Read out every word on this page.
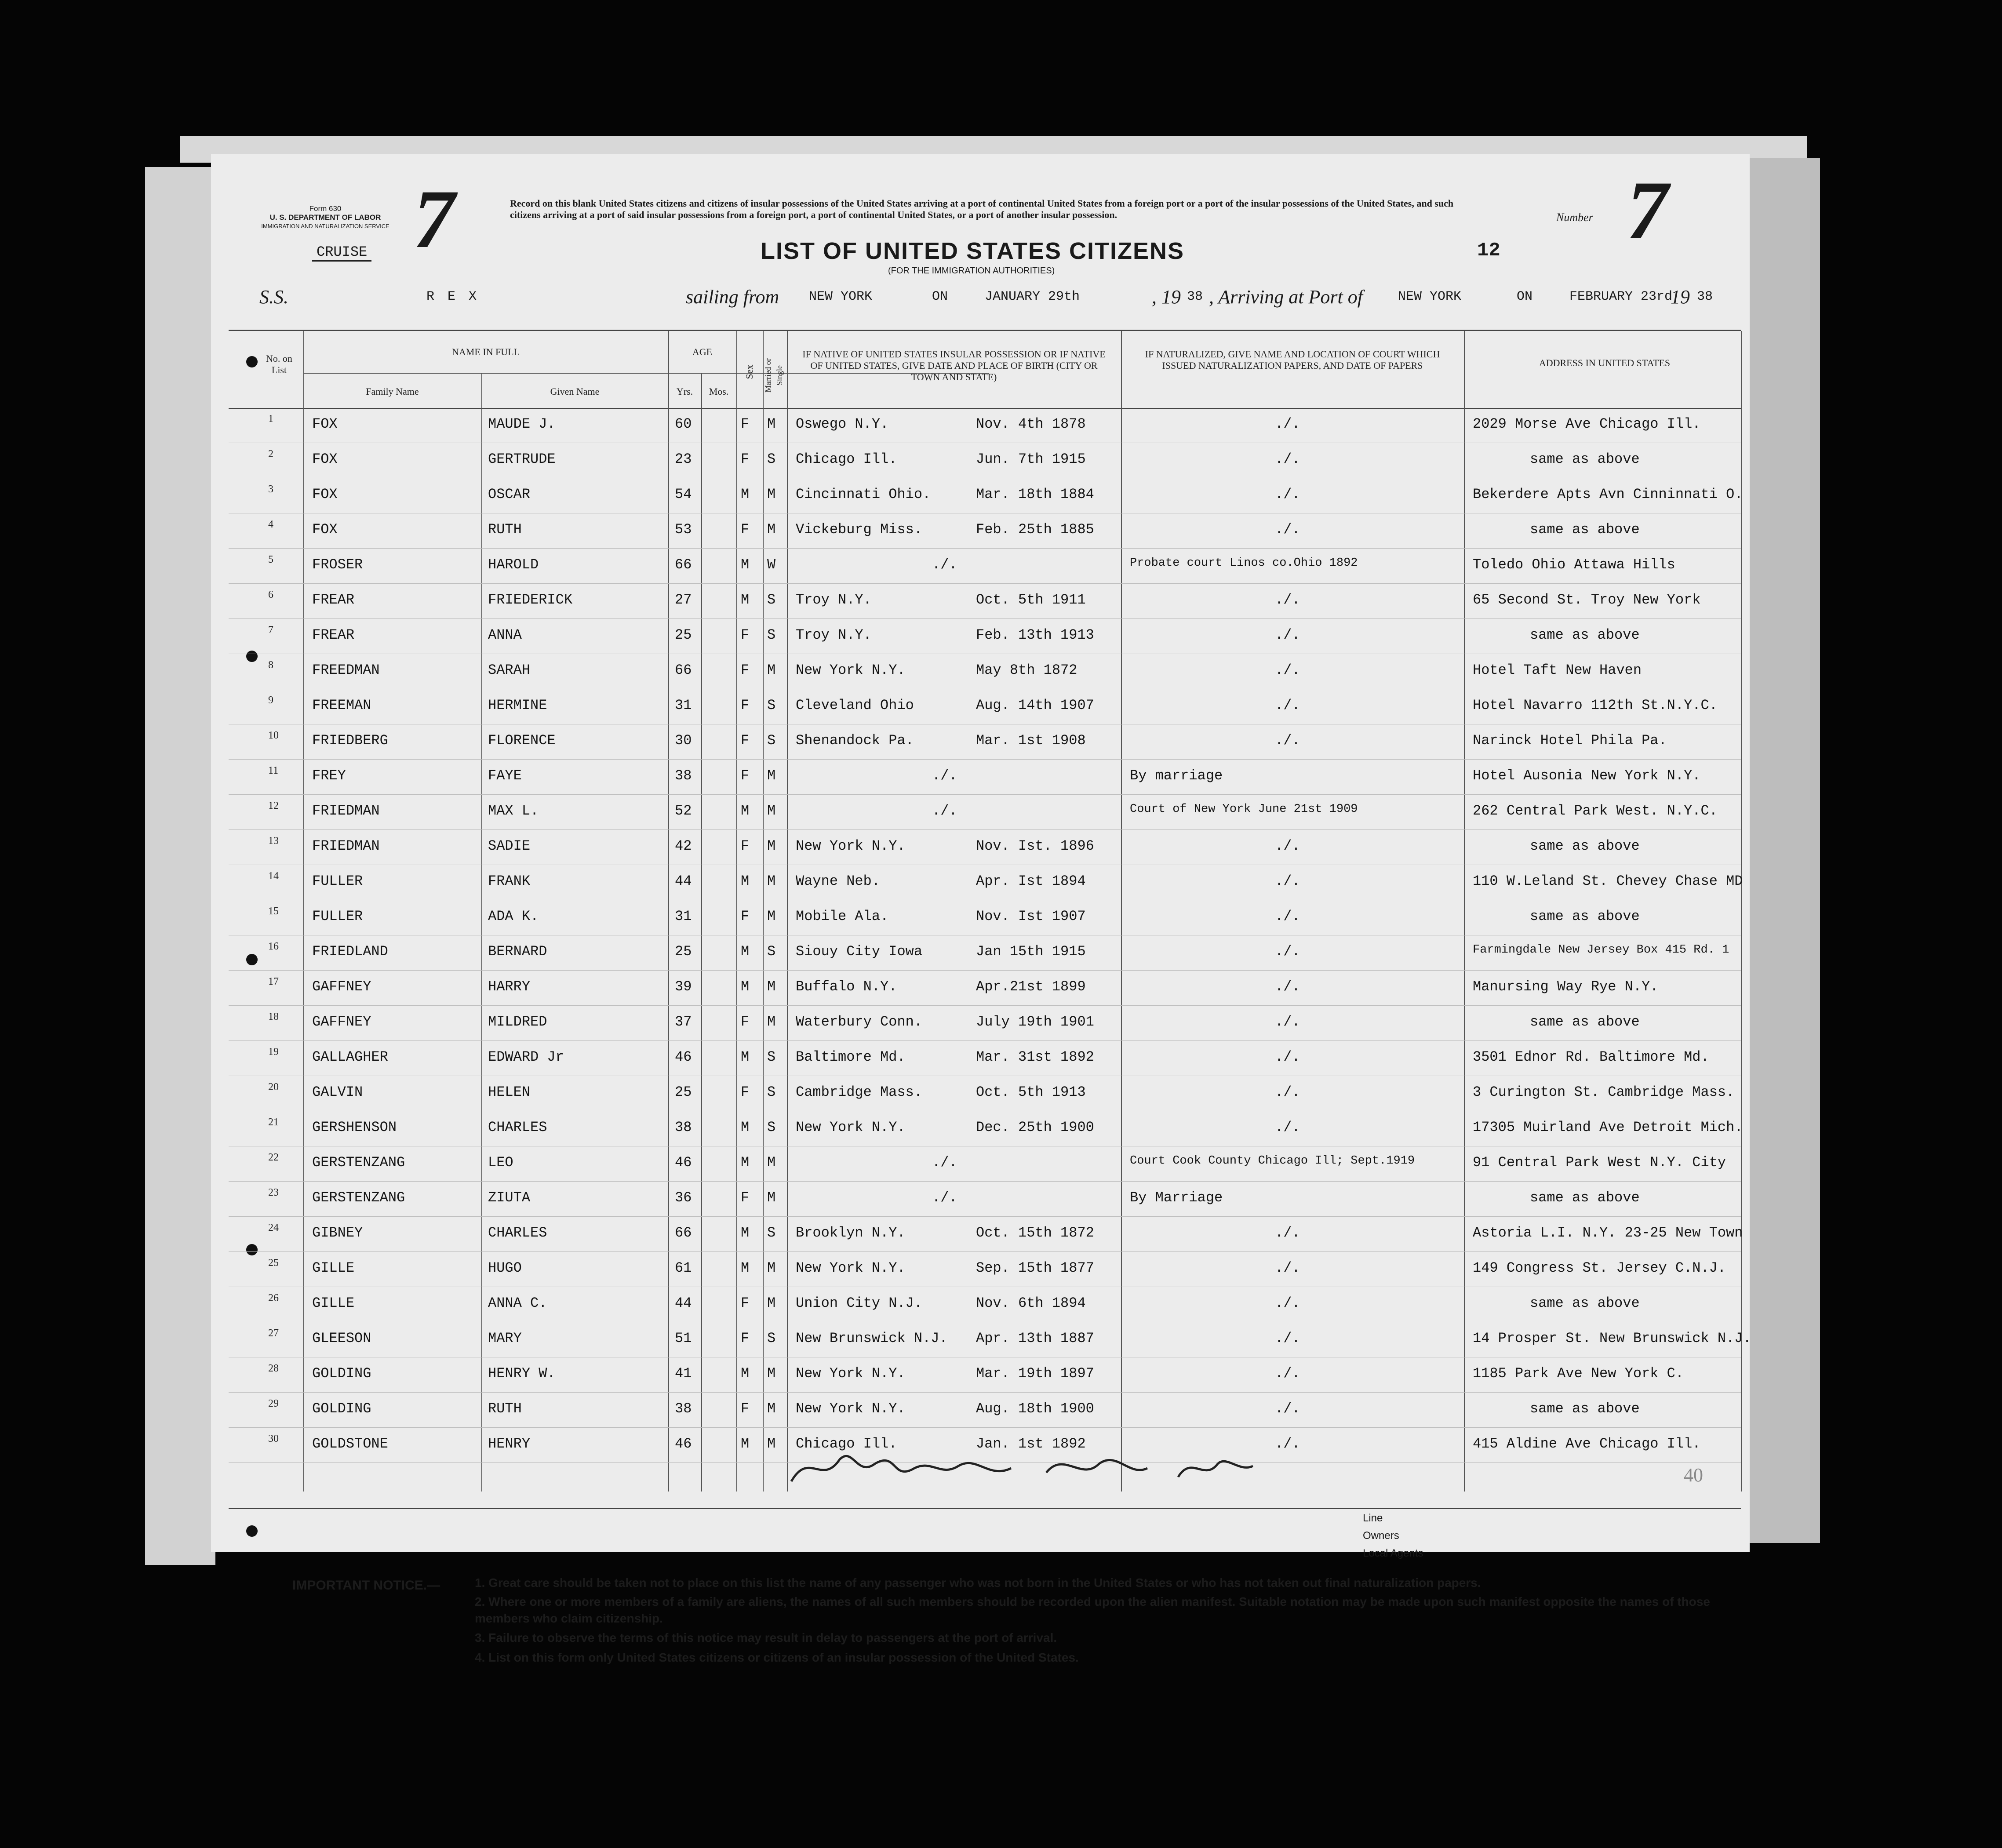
Form 630
U. S. DEPARTMENT OF LABOR
IMMIGRATION AND NATURALIZATION SERVICE 7	Record on this blank United States citizens and citizens of insular possessions of the United States arriving at a port of continental United States from a foreign port or a port of the insular possessions of the United States, and such citizens arriving at a port of said insular possessions from a foreign port, a port of continental United States, or a port of another insular possession.	Number 7
CRUISE	LIST OF UNITED STATES CITIZENS
(FOR THE IMMIGRATION AUTHORITIES)
12
S.S.	R E X	sailing from NEW YORK	ON	JANUARY 29th	, 19 38 , Arriving at Port of	NEW YORK	ON	FEBRUARY 23rd
19 38
No. on List
NAME IN FULL
Family Name	Given Name
AGE
Yrs.	Mos.
Sex Married or Single
IF NATIVE OF UNITED STATES INSULAR POSSESSION OR IF NATIVE OF UNITED STATES, GIVE DATE AND PLACE OF BIRTH (CITY OR TOWN AND STATE)
IF NATURALIZED, GIVE NAME AND LOCATION OF COURT WHICH ISSUED NATURALIZATION PAPERS, AND DATE OF PAPERS	ADDRESS IN UNITED STATES
1	FOX	MAUDE J.	60	F M Oswego N.Y.	Nov. 4th 1878	./.	2029 Morse Ave Chicago Ill.
2	FOX	GERTRUDE	23	F S Chicago Ill.	Jun. 7th 1915	./.	same as above
3	FOX	OSCAR	54	M M Cincinnati Ohio.	Mar. 18th 1884	./.	Bekerdere Apts Avn Cinninnati O.
4	FOX	RUTH	53	F M Vickeburg Miss.	Feb. 25th 1885	./.	same as above
5	FROSER	HAROLD	66	M W	./.	Probate court Linos co.Ohio 1892	Toledo Ohio Attawa Hills
6	FREAR	FRIEDERICK	27	M S Troy N.Y.	Oct. 5th 1911	./.	65 Second St. Troy New York
7	FREAR	ANNA	25	F S Troy N.Y.	Feb. 13th 1913	./.	same as above
8	FREEDMAN	SARAH	66	F M New York N.Y.	May 8th 1872	./.	Hotel Taft New Haven
9	FREEMAN	HERMINE	31	F S Cleveland Ohio	Aug. 14th 1907	./.	Hotel Navarro 112th St.N.Y.C.
10 FRIEDBERG	FLORENCE	30	F S Shenandock Pa.	Mar. 1st 1908	./.	Narinck Hotel Phila Pa.
11 FREY	FAYE	38	F M	./.	By marriage	Hotel Ausonia New York N.Y.
12 FRIEDMAN	MAX L.	52	M M	./.	Court of New York June 21st 1909	262 Central Park West. N.Y.C.
13 FRIEDMAN	SADIE	42	F M New York N.Y.	Nov. Ist. 1896	./.	same as above
14 FULLER	FRANK	44	M M Wayne Neb.	Apr. Ist 1894	./.	110 W.Leland St. Chevey Chase MD
15 FULLER	ADA K.	31	F M Mobile Ala.	Nov. Ist 1907	./.	same as above
16 FRIEDLAND	BERNARD	25	M S Siouy City Iowa	Jan 15th 1915	./.	Farmingdale New Jersey Box 415 Rd. 1
17 GAFFNEY	HARRY	39	M M Buffalo N.Y.	Apr.21st 1899	./.	Manursing Way Rye N.Y.
18 GAFFNEY	MILDRED	37	F M Waterbury Conn.	July 19th 1901	./.	same as above
19 GALLAGHER	EDWARD Jr	46	M S Baltimore Md.	Mar. 31st 1892	./.	3501 Ednor Rd. Baltimore Md.
20 GALVIN	HELEN	25	F S Cambridge Mass.	Oct. 5th 1913	./.	3 Curington St. Cambridge Mass.
21 GERSHENSON	CHARLES	38	M S New York N.Y.	Dec. 25th 1900	./.	17305 Muirland Ave Detroit Mich.
22 GERSTENZANG	LEO	46	M M	./.	Court Cook County Chicago Ill; Sept.1919	91 Central Park West N.Y. City
23 GERSTENZANG	ZIUTA	36	F M	./.	By Marriage	same as above
24 GIBNEY	CHARLES	66	M S Brooklyn N.Y.	Oct. 15th 1872	./.	Astoria L.I. N.Y. 23-25 New Town
25 GILLE	HUGO	61	M M New York N.Y.	Sep. 15th 1877	./.	149 Congress St. Jersey C.N.J.
26 GILLE	ANNA C.	44	F M Union City N.J.	Nov. 6th 1894	./.	same as above
27 GLEESON	MARY	51	F S New Brunswick N.J. Apr. 13th 1887	./.	14 Prosper St. New Brunswick N.J.
28 GOLDING	HENRY W.	41	M M New York N.Y.	Mar. 19th 1897	./.	1185 Park Ave New York C.
29 GOLDING	RUTH	38	F M New York N.Y.	Aug. 18th 1900	./.	same as above
30 GOLDSTONE	HENRY	46	M M Chicago Ill.	Jan. 1st 1892	./.	415 Aldine Ave Chicago Ill.
40
Line
Owners
Local Agents
IMPORTANT NOTICE.—	1. Great care should be taken not to place on this list the name of any passenger who was not born in the United States or who has not taken out final naturalization papers.
2. Where one or more members of a family are aliens, the names of all such members should be recorded upon the alien manifest. Suitable notation may be made upon such manifest opposite the names of those members who claim citizenship.
3. Failure to observe the terms of this notice may result in delay to passengers at the port of arrival.
4. List on this form only United States citizens or citizens of an insular possession of the United States.
